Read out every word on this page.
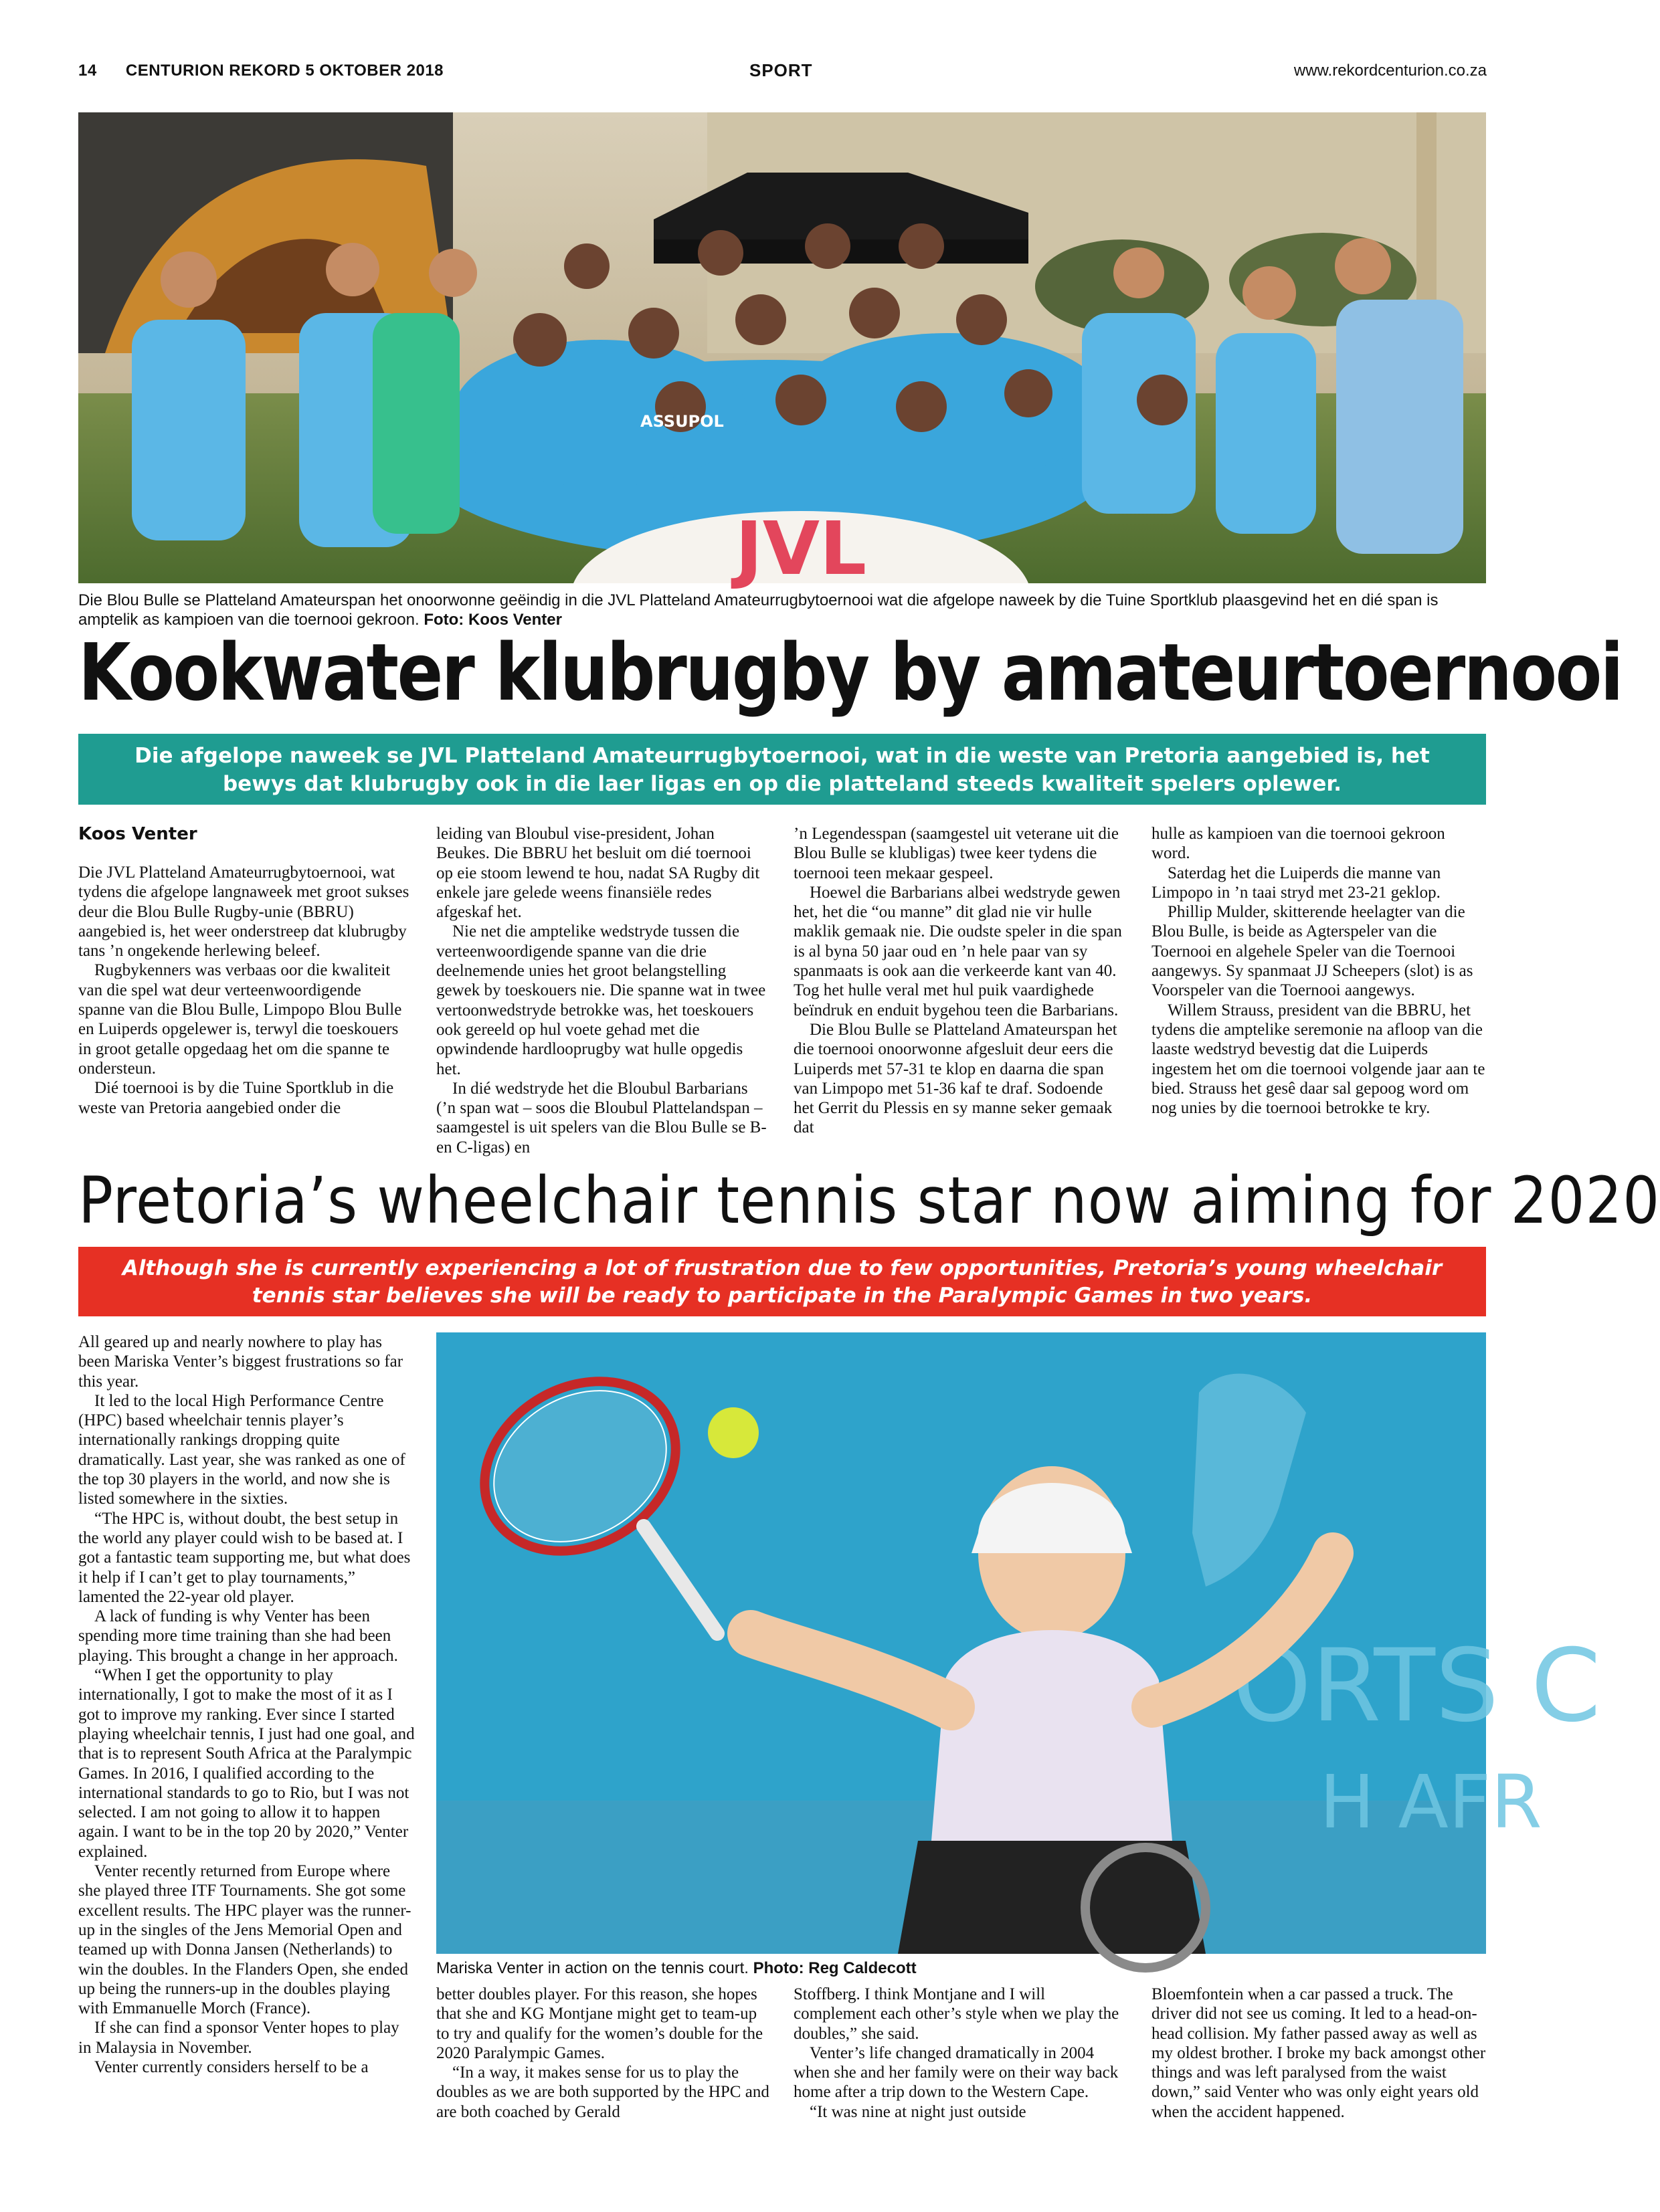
14 CENTURION REKORD 5 OKTOBER 2018	SPORT	www.rekordcenturion.co.za
JVL
ASSUPOL
Die Blou Bulle se Platteland Amateurspan het onoorwonne geëindig in die JVL Platteland Amateurrugbytoernooi wat die afgelope naweek by die Tuine Sportklub plaasgevind het en dié span is amptelik as kampioen van die toernooi gekroon. Foto: Koos Venter
Kookwater klubrugby by amateurtoernooi
Die afgelope naweek se JVL Platteland Amateurrugbytoernooi, wat in die weste van Pretoria aangebied is, het bewys dat klubrugby ook in die laer ligas en op die platteland steeds kwaliteit spelers oplewer.
Koos Venter

Die JVL Platteland Amateurrugbytoernooi, wat tydens die afgelope langnaweek met groot sukses deur die Blou Bulle Rugby-unie (BBRU) aangebied is, het weer onderstreep dat klubrugby tans ’n ongekende herlewing beleef.

Rugbykenners was verbaas oor die kwaliteit van die spel wat deur verteenwoordigende spanne van die Blou Bulle, Limpopo Blou Bulle en Luiperds opgelewer is, terwyl die toeskouers in groot getalle opgedaag het om die spanne te ondersteun.

Dié toernooi is by die Tuine Sportklub in die weste van Pretoria aangebied onder die

leiding van Bloubul vise-president, Johan Beukes. Die BBRU het besluit om dié toernooi op eie stoom lewend te hou, nadat SA Rugby dit enkele jare gelede weens finansiële redes afgeskaf het.

Nie net die amptelike wedstryde tussen die verteenwoordigende spanne van die drie deelnemende unies het groot belangstelling gewek by toeskouers nie. Die spanne wat in twee vertoonwedstryde betrokke was, het toeskouers ook gereeld op hul voete gehad met die opwindende hardlooprugby wat hulle opgedis het.

In dié wedstryde het die Bloubul Barbarians (’n span wat – soos die Bloubul Plattelandspan – saamgestel is uit spelers van die Blou Bulle se B- en C-ligas) en

’n Legendesspan (saamgestel uit veterane uit die Blou Bulle se klubligas) twee keer tydens die toernooi teen mekaar gespeel.

Hoewel die Barbarians albei wedstryde gewen het, het die “ou manne” dit glad nie vir hulle maklik gemaak nie. Die oudste speler in die span is al byna 50 jaar oud en ’n hele paar van sy spanmaats is ook aan die verkeerde kant van 40. Tog het hulle veral met hul puik vaardighede beïndruk en enduit bygehou teen die Barbarians.

Die Blou Bulle se Platteland Amateurspan het die toernooi onoorwonne afgesluit deur eers die Luiperds met 57-31 te klop en daarna die span van Limpopo met 51-36 kaf te draf. Sodoende het Gerrit du Plessis en sy manne seker gemaak dat

hulle as kampioen van die toernooi gekroon word.

Saterdag het die Luiperds die manne van Limpopo in ’n taai stryd met 23-21 geklop.

Phillip Mulder, skitterende heelagter van die Blou Bulle, is beide as Agterspeler van die Toernooi en algehele Speler van die Toernooi aangewys. Sy spanmaat JJ Scheepers (slot) is as Voorspeler van die Toernooi aangewys.

Willem Strauss, president van die BBRU, het tydens die amptelike seremonie na afloop van die laaste wedstryd bevestig dat die Luiperds ingestem het om die toernooi volgende jaar aan te bied. Strauss het gesê daar sal gepoog word om nog unies by die toernooi betrokke te kry.

Pretoria’s wheelchair tennis star now aiming for 2020
Although she is currently experiencing a lot of frustration due to few opportunities, Pretoria’s young wheelchair tennis star believes she will be ready to participate in the Paralympic Games in two years.

All geared up and nearly nowhere to play has been Mariska Venter’s biggest frustrations so far this year.

It led to the local High Performance Centre (HPC) based wheelchair tennis player’s internationally rankings dropping quite dramatically. Last year, she was ranked as one of the top 30 players in the world, and now she is listed somewhere in the sixties.

“The HPC is, without doubt, the best setup in the world any player could wish to be based at. I got a fantastic team supporting me, but what does it help if I can’t get to play tournaments,” lamented the 22-year old player.

A lack of funding is why Venter has been spending more time training than she had been playing. This brought a change in her approach.

“When I get the opportunity to play internationally, I got to make the most of it as I got to improve my ranking. Ever since I started playing wheelchair tennis, I just had one goal, and that is to represent South Africa at the Paralympic Games. In 2016, I qualified according to the international standards to go to Rio, but I was not selected. I am not going to allow it to happen again. I want to be in the top 20 by 2020,” Venter explained.

Venter recently returned from Europe where she played three ITF Tournaments. She got some excellent results. The HPC player was the runner-up in the singles of the Jens Memorial Open and teamed up with Donna Jansen (Netherlands) to win the doubles. In the Flanders Open, she ended up being the runners-up in the doubles playing with Emmanuelle Morch (France).

If she can find a sponsor Venter hopes to play in Malaysia in November.

Venter currently considers herself to be a

ORTS C
H AFR
Mariska Venter in action on the tennis court. Photo: Reg Caldecott

better doubles player. For this reason, she hopes that she and KG Montjane might get to team-up to try and qualify for the women’s double for the 2020 Paralympic Games.

“In a way, it makes sense for us to play the doubles as we are both supported by the HPC and are both coached by Gerald

Stoffberg. I think Montjane and I will complement each other’s style when we play the doubles,” she said.

Venter’s life changed dramatically in 2004 when she and her family were on their way back home after a trip down to the Western Cape.

“It was nine at night just outside

Bloemfontein when a car passed a truck. The driver did not see us coming. It led to a head-on-head collision. My father passed away as well as my oldest brother. I broke my back amongst other things and was left paralysed from the waist down,” said Venter who was only eight years old when the accident happened.
